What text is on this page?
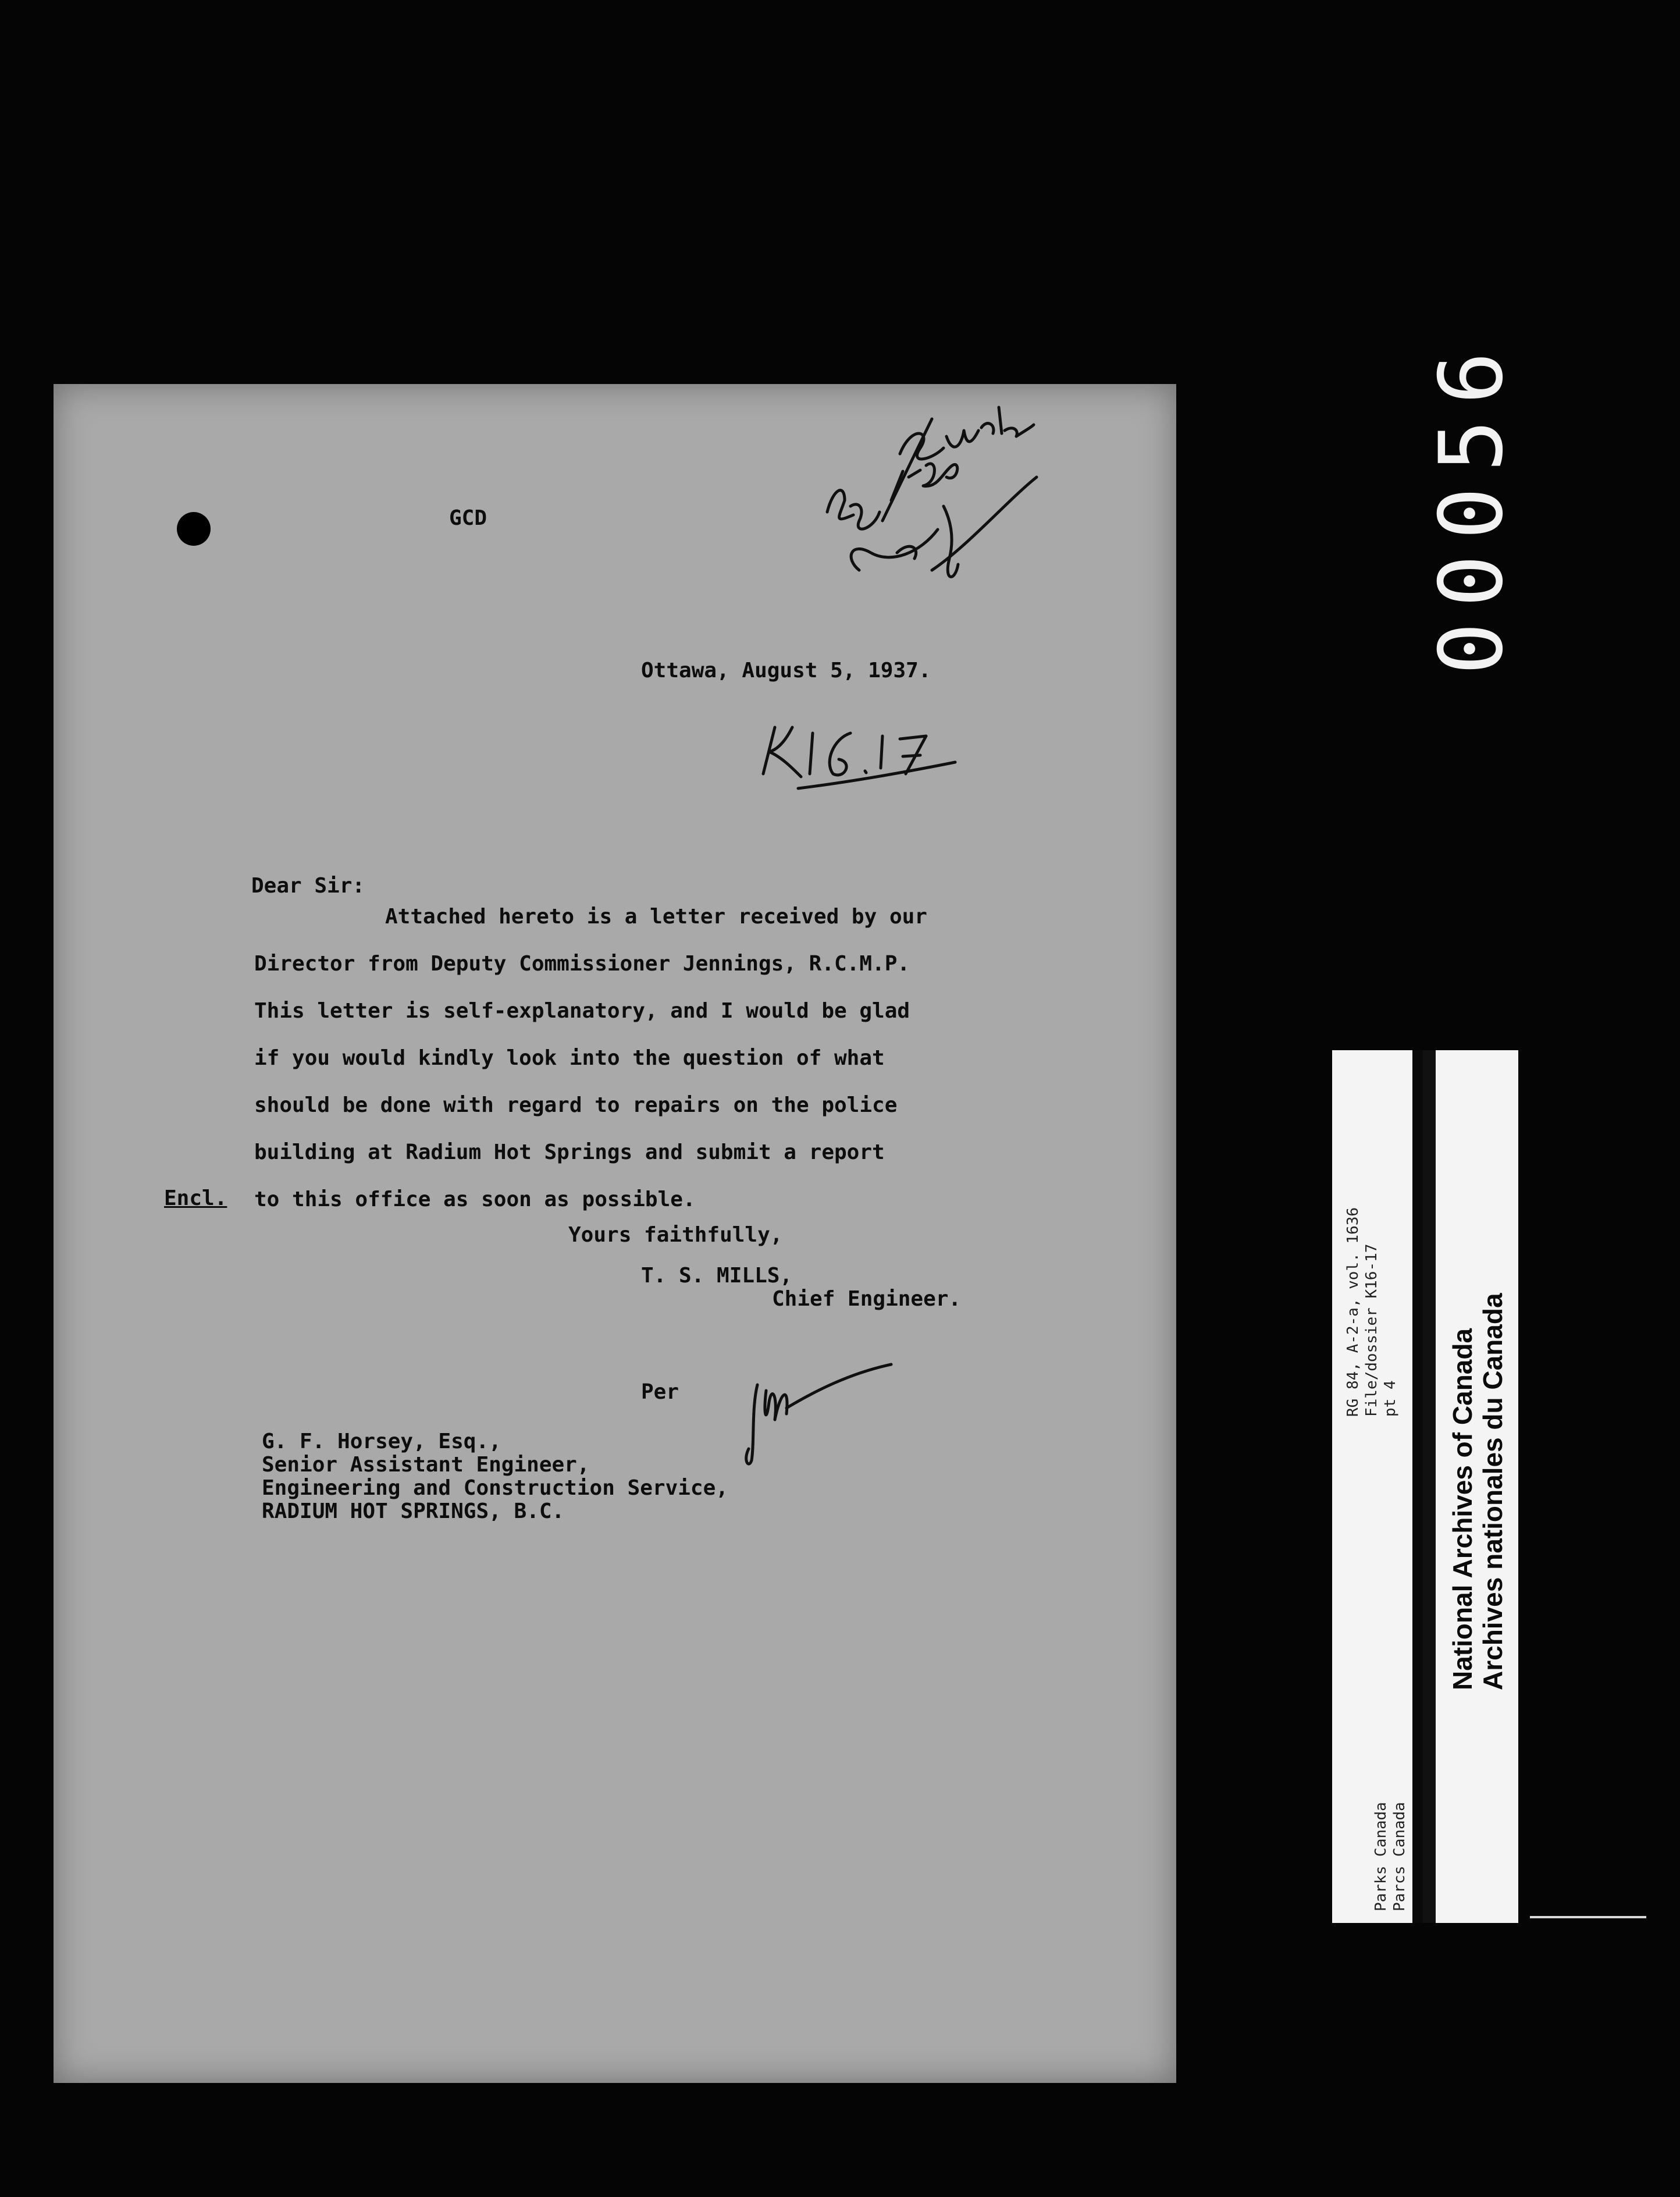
00056
GCD
Ottawa, August 5, 1937.
Dear Sir:

Attached hereto is a letter received by our

Director from Deputy Commissioner Jennings, R.C.M.P.

This letter is self-explanatory, and I would be glad

if you would kindly look into the question of what

should be done with regard to repairs on the police

building at Radium Hot Springs and submit a report

to this office as soon as possible.

Encl.
Yours faithfully,
T. S. MILLS,
Chief Engineer.
Per

G. F. Horsey, Esq.,

Senior Assistant Engineer,

Engineering and Construction Service,

RADIUM HOT SPRINGS, B.C.

Parks Canada Parcs Canada
RG 84, A-2-a, vol. 1636 File/dossier K16-17 pt 4 National Archives of Canada Archives nationales du Canada
